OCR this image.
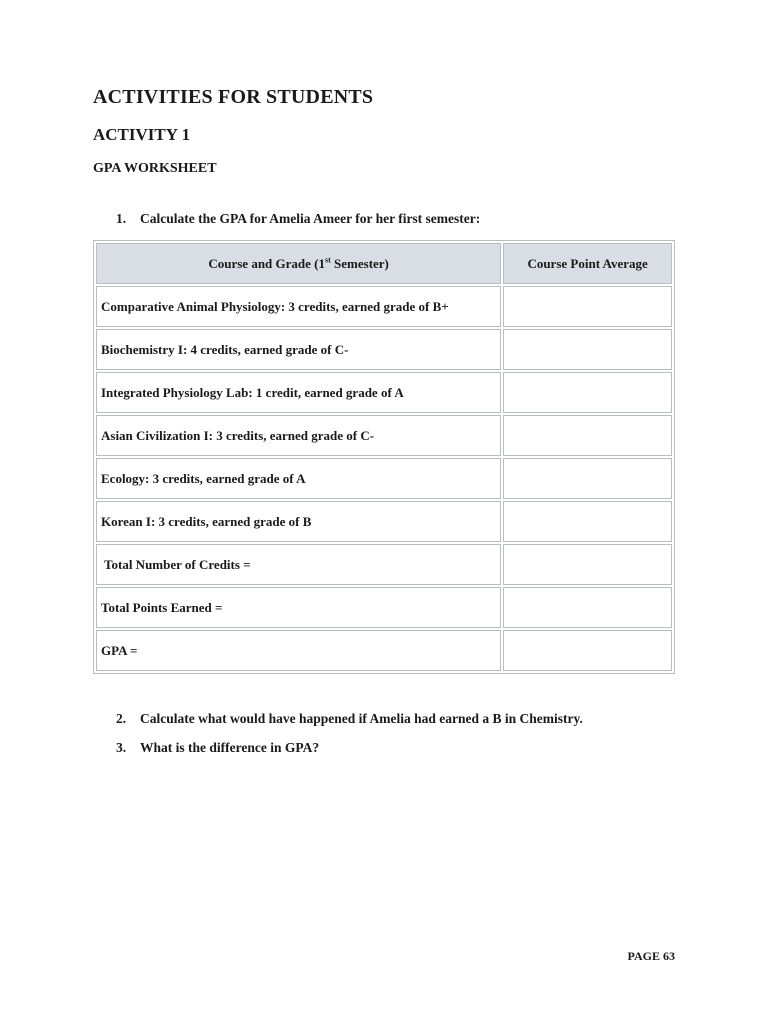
ACTIVITIES FOR STUDENTS
ACTIVITY 1
GPA WORKSHEET
1. Calculate the GPA for Amelia Ameer for her first semester:
Course and Grade (1st Semester)	Course Point Average
Comparative Animal Physiology: 3 credits, earned grade of B+	
Biochemistry I: 4 credits, earned grade of C-	
Integrated Physiology Lab: 1 credit, earned grade of A	
Asian Civilization I: 3 credits, earned grade of C-	
Ecology: 3 credits, earned grade of A	
Korean I: 3 credits, earned grade of B	
Total Number of Credits =	
Total Points Earned =	
GPA =	
2. Calculate what would have happened if Amelia had earned a B in Chemistry.
3. What is the difference in GPA?
PAGE 63
